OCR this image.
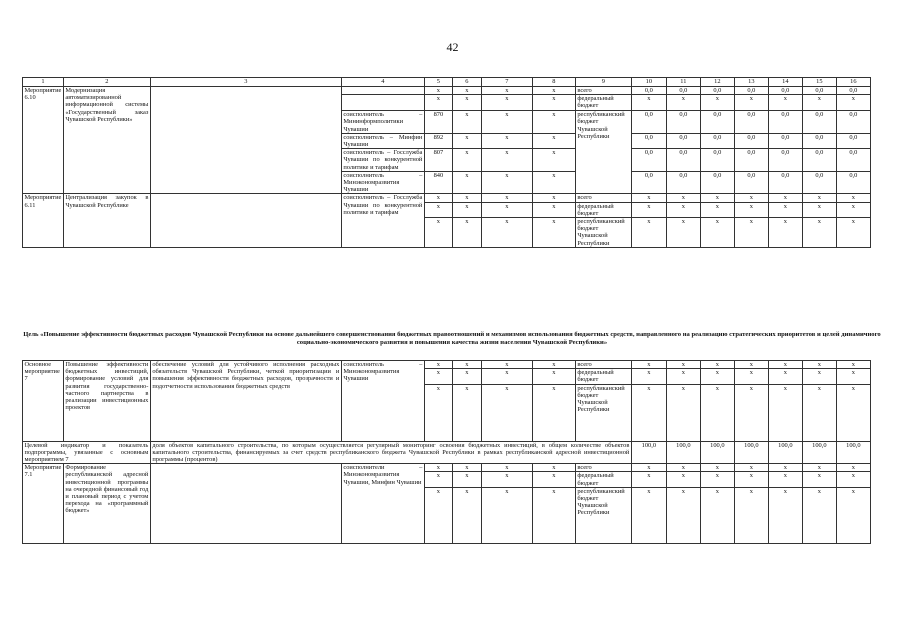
42
1	2	3	4	5	6	7	8	9	10	11	12	13	14	15	16
Мероприятие 6.10	Модернизация автоматизированной информационной системы «Государственный заказ Чувашской Республики»			x	x	x	x	всего	0,0	0,0	0,0	0,0	0,0	0,0	0,0
				x	x	x	x	федеральный бюджет	x	x	x	x	x	x	x
			соисполнитель – Мининформполитики Чувашии	870	x	x	x	республиканский бюджет Чувашской Республики	0,0	0,0	0,0	0,0	0,0	0,0	0,0
			соисполнитель – Минфин Чувашии	892	x	x	x		0,0	0,0	0,0	0,0	0,0	0,0	0,0
			соисполнитель – Госслужба Чувашии по конкурентной политике и тарифам	807	x	x	x		0,0	0,0	0,0	0,0	0,0	0,0	0,0
			соисполнитель – Минэкономразвития Чувашии	840	x	x	x		0,0	0,0	0,0	0,0	0,0	0,0	0,0
Мероприятие 6.11	Централизация закупок в Чувашской Республике		соисполнитель – Госслужба Чувашии по конкурентной политике и тарифам	x	x	x	x	всего	x	x	x	x	x	x	x
				x	x	x	x	федеральный бюджет	x	x	x	x	x	x	x
				x	x	x	x	республиканский бюджет Чувашской Республики	x	x	x	x	x	x	x
Цель «Повышение эффективности бюджетных расходов Чувашской Республики на основе дальнейшего совершенствования бюджетных правоотношений и механизмов использования бюджетных средств, направленного на реализацию стратегических приоритетов и целей динамичного социально-экономического развития и повышения качества жизни населения Чувашской Республики»
Основное мероприятие 7	Повышение эффективности бюджетных инвестиций, формирование условий для развития государственно-частного партнерства в реализации инвестиционных проектов	обеспечение условий для устойчивого исполнения расходных обязательств Чувашской Республики, четкой приоритизации и повышения эффективности бюджетных расходов, прозрачности и подотчетности использования бюджетных средств	соисполнитель – Минэкономразвития Чувашии	x	x	x	x	всего	x	x	x	x	x	x	x
				x	x	x	x	федеральный бюджет	x	x	x	x	x	x	x
				x	x	x	x	республиканский бюджет Чувашской Республики	x	x	x	x	x	x	x
Целевой индикатор и показатель подпрограммы, увязанные с основным мероприятием 7		доля объектов капитального строительства, по которым осуществляется регулярный мониторинг освоения бюджетных инвестиций, в общем количестве объектов капитального строительства, финансируемых за счет средств республиканского бюджета Чувашской Республики в рамках республиканской адресной инвестиционной программы (процентов)							100,0	100,0	100,0	100,0	100,0	100,0	100,0
Мероприятие 7.1	Формирование республиканской адресной инвестиционной программы на очередной финансовый год и плановый период с учетом перехода на «программный бюджет»		соисполнители – Минэкономразвития Чувашии, Минфин Чувашии	x	x	x	x	всего	x	x	x	x	x	x	x
				x	x	x	x	федеральный бюджет	x	x	x	x	x	x	x
				x	x	x	x	республиканский бюджет Чувашской Республики	x	x	x	x	x	x	x
